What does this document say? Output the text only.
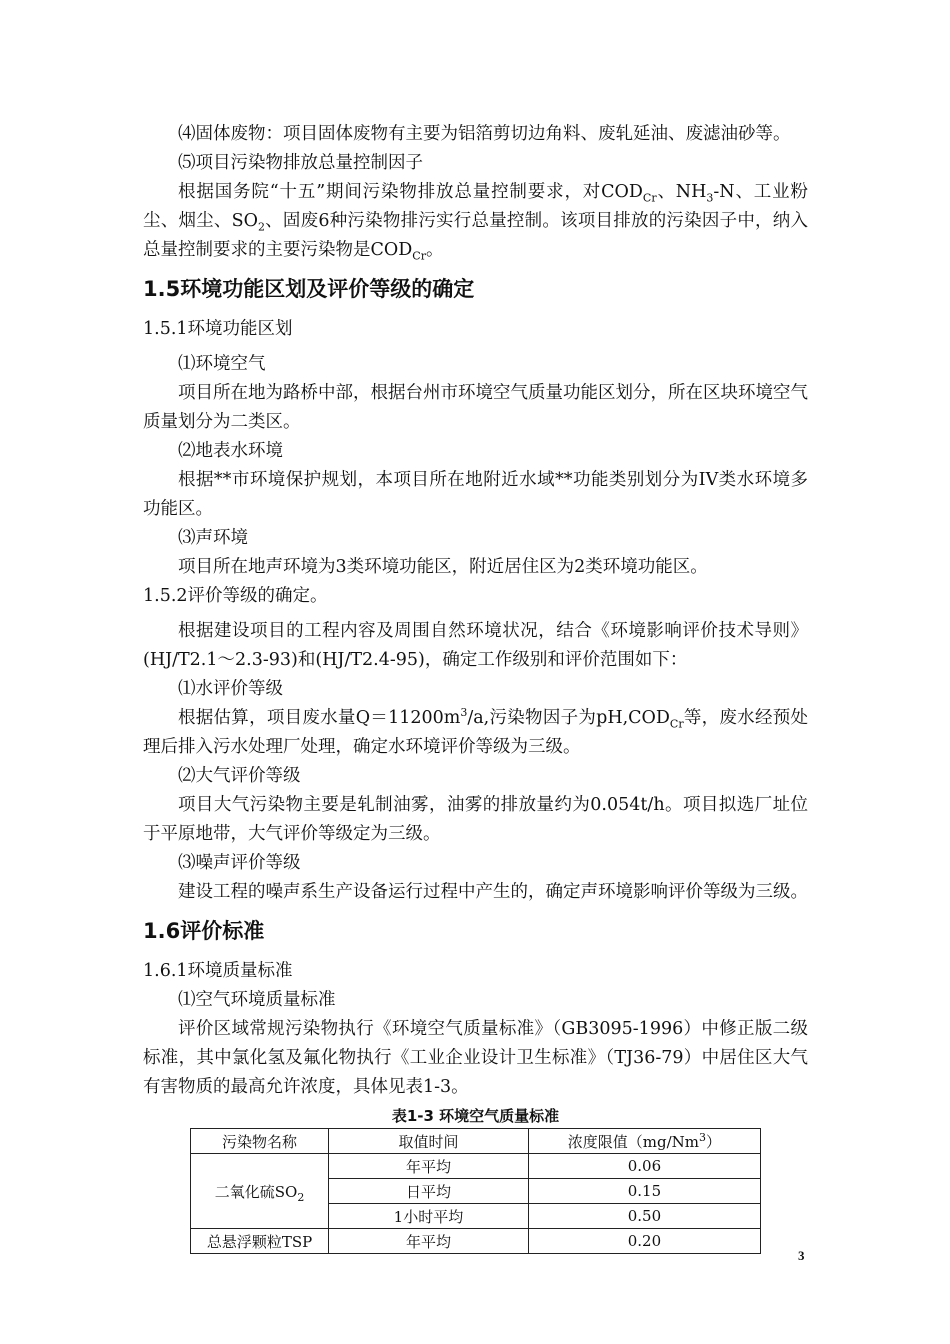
⑷固体废物：项目固体废物有主要为铝箔剪切边角料、废轧延油、废滤油砂等。

⑸项目污染物排放总量控制因子

根据国务院“十五”期间污染物排放总量控制要求，对$COD_{Cr}$、$NH_3-N$、工业粉尘、烟尘、$SO_2$、固废6种污染物排污实行总量控制。该项目排放的污染因子中，纳入总量控制要求的主要污染物是$COD_{Cr}$。

1.5环境功能区划及评价等级的确定

1.5.1环境功能区划

⑴环境空气

项目所在地为路桥中部，根据台州市环境空气质量功能区划分，所在区块环境空气质量划分为二类区。

⑵地表水环境

根据**市环境保护规划，本项目所在地附近水域**功能类别划分为IV类水环境多功能区。

⑶声环境

项目所在地声环境为3类环境功能区，附近居住区为2类环境功能区。

1.5.2评价等级的确定。

根据建设项目的工程内容及周围自然环境状况，结合《环境影响评价技术导则》(HJ/T2.1～2.3-93)和(HJ/T2.4-95)，确定工作级别和评价范围如下：

⑴水评价等级

根据估算，项目废水量$Q=11200m^3/a$,污染物因子为$pH,COD_{Cr}$等，废水经预处理后排入污水处理厂处理，确定水环境评价等级为三级。

⑵大气评价等级

项目大气污染物主要是轧制油雾，油雾的排放量约为0.054t/h。项目拟选厂址位于平原地带，大气评价等级定为三级。

⑶噪声评价等级

建设工程的噪声系生产设备运行过程中产生的，确定声环境影响评价等级为三级。

1.6评价标准

1.6.1环境质量标准

⑴空气环境质量标准

评价区域常规污染物执行《环境空气质量标准》（GB3095-1996）中修正版二级标准，其中氯化氢及氟化物执行《工业企业设计卫生标准》（TJ36-79）中居住区大气有害物质的最高允许浓度，具体见表1-3。

表1-3 环境空气质量标准
污染物名称	取值时间	浓度限值（mg/Nm$^3$）
二氧化硫$SO_2$	年平均	0.06
	日平均	0.15
	1小时平均	0.50
总悬浮颗粒TSP	年平均	0.20
3
